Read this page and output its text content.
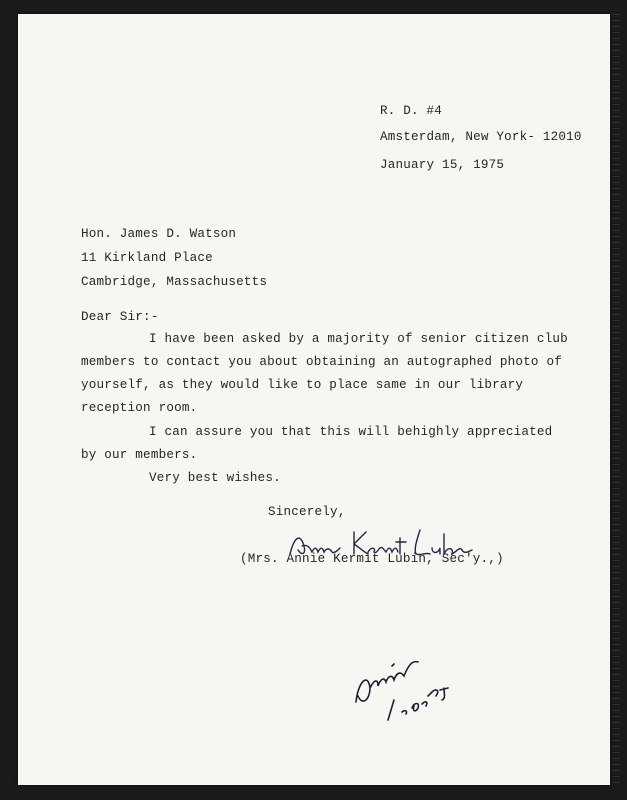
R. D. #4
Amsterdam, New York- 12010
January 15, 1975
Hon. James D. Watson
11 Kirkland Place
Cambridge, Massachusetts
Dear Sir:-
I have been asked by a majority of senior citizen club
members to contact you about obtaining an autographed photo of
yourself, as they would like to place same in our library
reception room.
I can assure you that this will behighly appreciated
by our members.
Very best wishes.
Sincerely,
(Mrs. Annie Kermit Lubin, Sec'y.,)
